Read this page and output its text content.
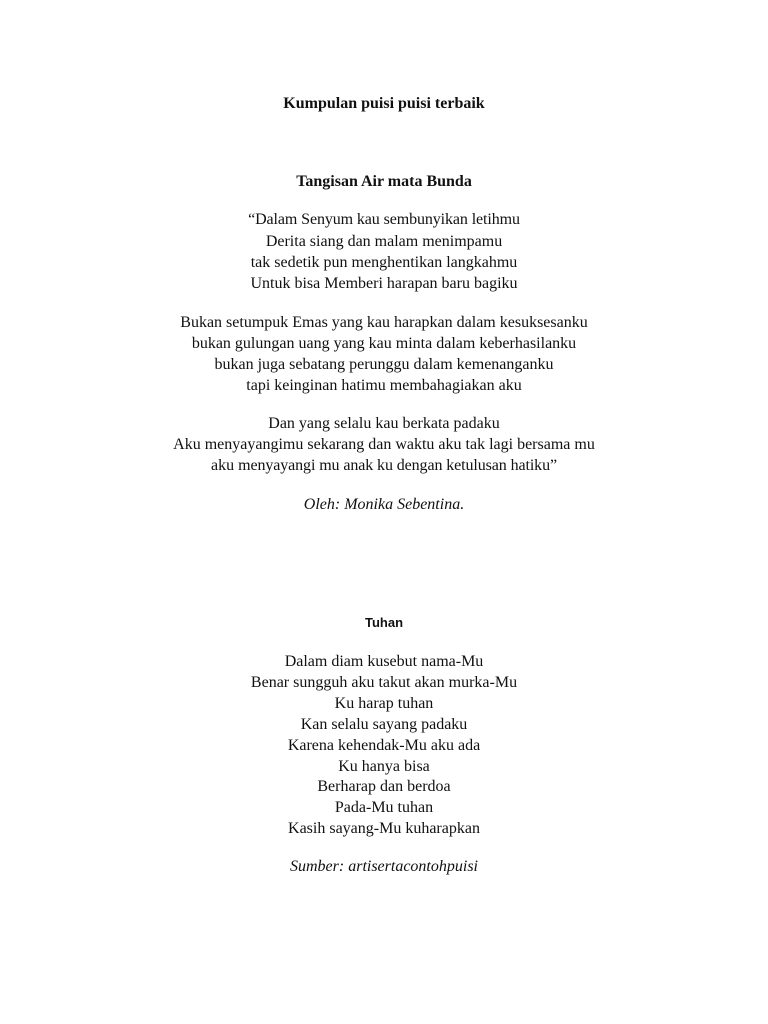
Kumpulan puisi puisi terbaik
Tangisan Air mata Bunda
“Dalam Senyum kau sembunyikan letihmu
Derita siang dan malam menimpamu
tak sedetik pun menghentikan langkahmu
Untuk bisa Memberi harapan baru bagiku
Bukan setumpuk Emas yang kau harapkan dalam kesuksesanku
bukan gulungan uang yang kau minta dalam keberhasilanku
bukan juga sebatang perunggu dalam kemenanganku
tapi keinginan hatimu membahagiakan aku
Dan yang selalu kau berkata padaku
Aku menyayangimu sekarang dan waktu aku tak lagi bersama mu
aku menyayangi mu anak ku dengan ketulusan hatiku”
Oleh: Monika Sebentina.
Tuhan
Dalam diam kusebut nama-Mu
Benar sungguh aku takut akan murka-Mu
Ku harap tuhan
Kan selalu sayang padaku
Karena kehendak-Mu aku ada
Ku hanya bisa
Berharap dan berdoa
Pada-Mu tuhan
Kasih sayang-Mu kuharapkan
Sumber: artisertacontohpuisi
